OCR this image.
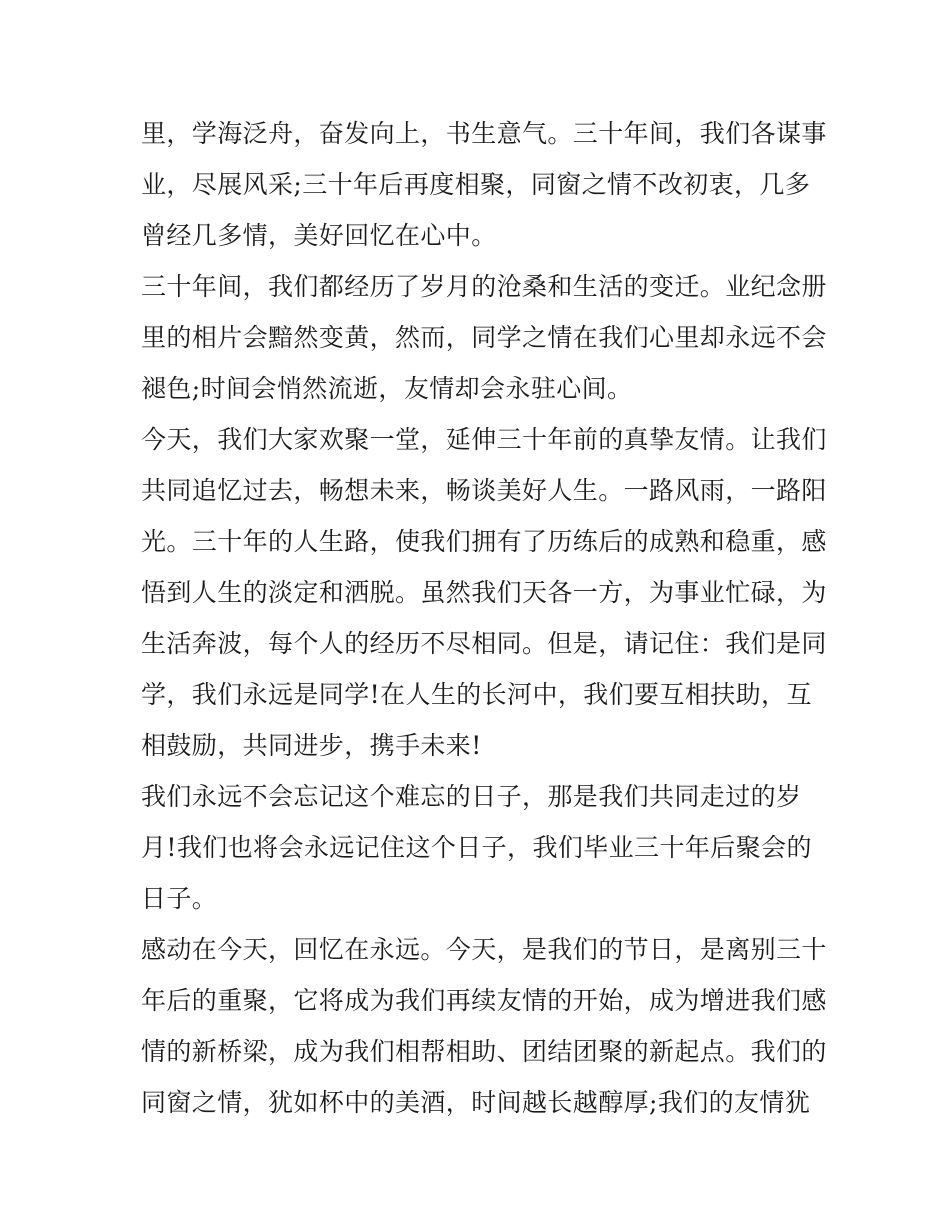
里，学海泛舟，奋发向上，书生意气。三十年间，我们各谋事
业，尽展风采;三十年后再度相聚，同窗之情不改初衷，几多
曾经几多情，美好回忆在心中。
三十年间，我们都经历了岁月的沧桑和生活的变迁。业纪念册
里的相片会黯然变黄，然而，同学之情在我们心里却永远不会
褪色;时间会悄然流逝，友情却会永驻心间。
今天，我们大家欢聚一堂，延伸三十年前的真挚友情。让我们
共同追忆过去，畅想未来，畅谈美好人生。一路风雨，一路阳
光。三十年的人生路，使我们拥有了历练后的成熟和稳重，感
悟到人生的淡定和洒脱。虽然我们天各一方，为事业忙碌，为
生活奔波，每个人的经历不尽相同。但是，请记住：我们是同
学，我们永远是同学!在人生的长河中，我们要互相扶助，互
相鼓励，共同进步，携手未来!
我们永远不会忘记这个难忘的日子，那是我们共同走过的岁
月!我们也将会永远记住这个日子，我们毕业三十年后聚会的
日子。
感动在今天，回忆在永远。今天，是我们的节日，是离别三十
年后的重聚，它将成为我们再续友情的开始，成为增进我们感
情的新桥梁，成为我们相帮相助、团结团聚的新起点。我们的
同窗之情，犹如杯中的美酒，时间越长越醇厚;我们的友情犹
